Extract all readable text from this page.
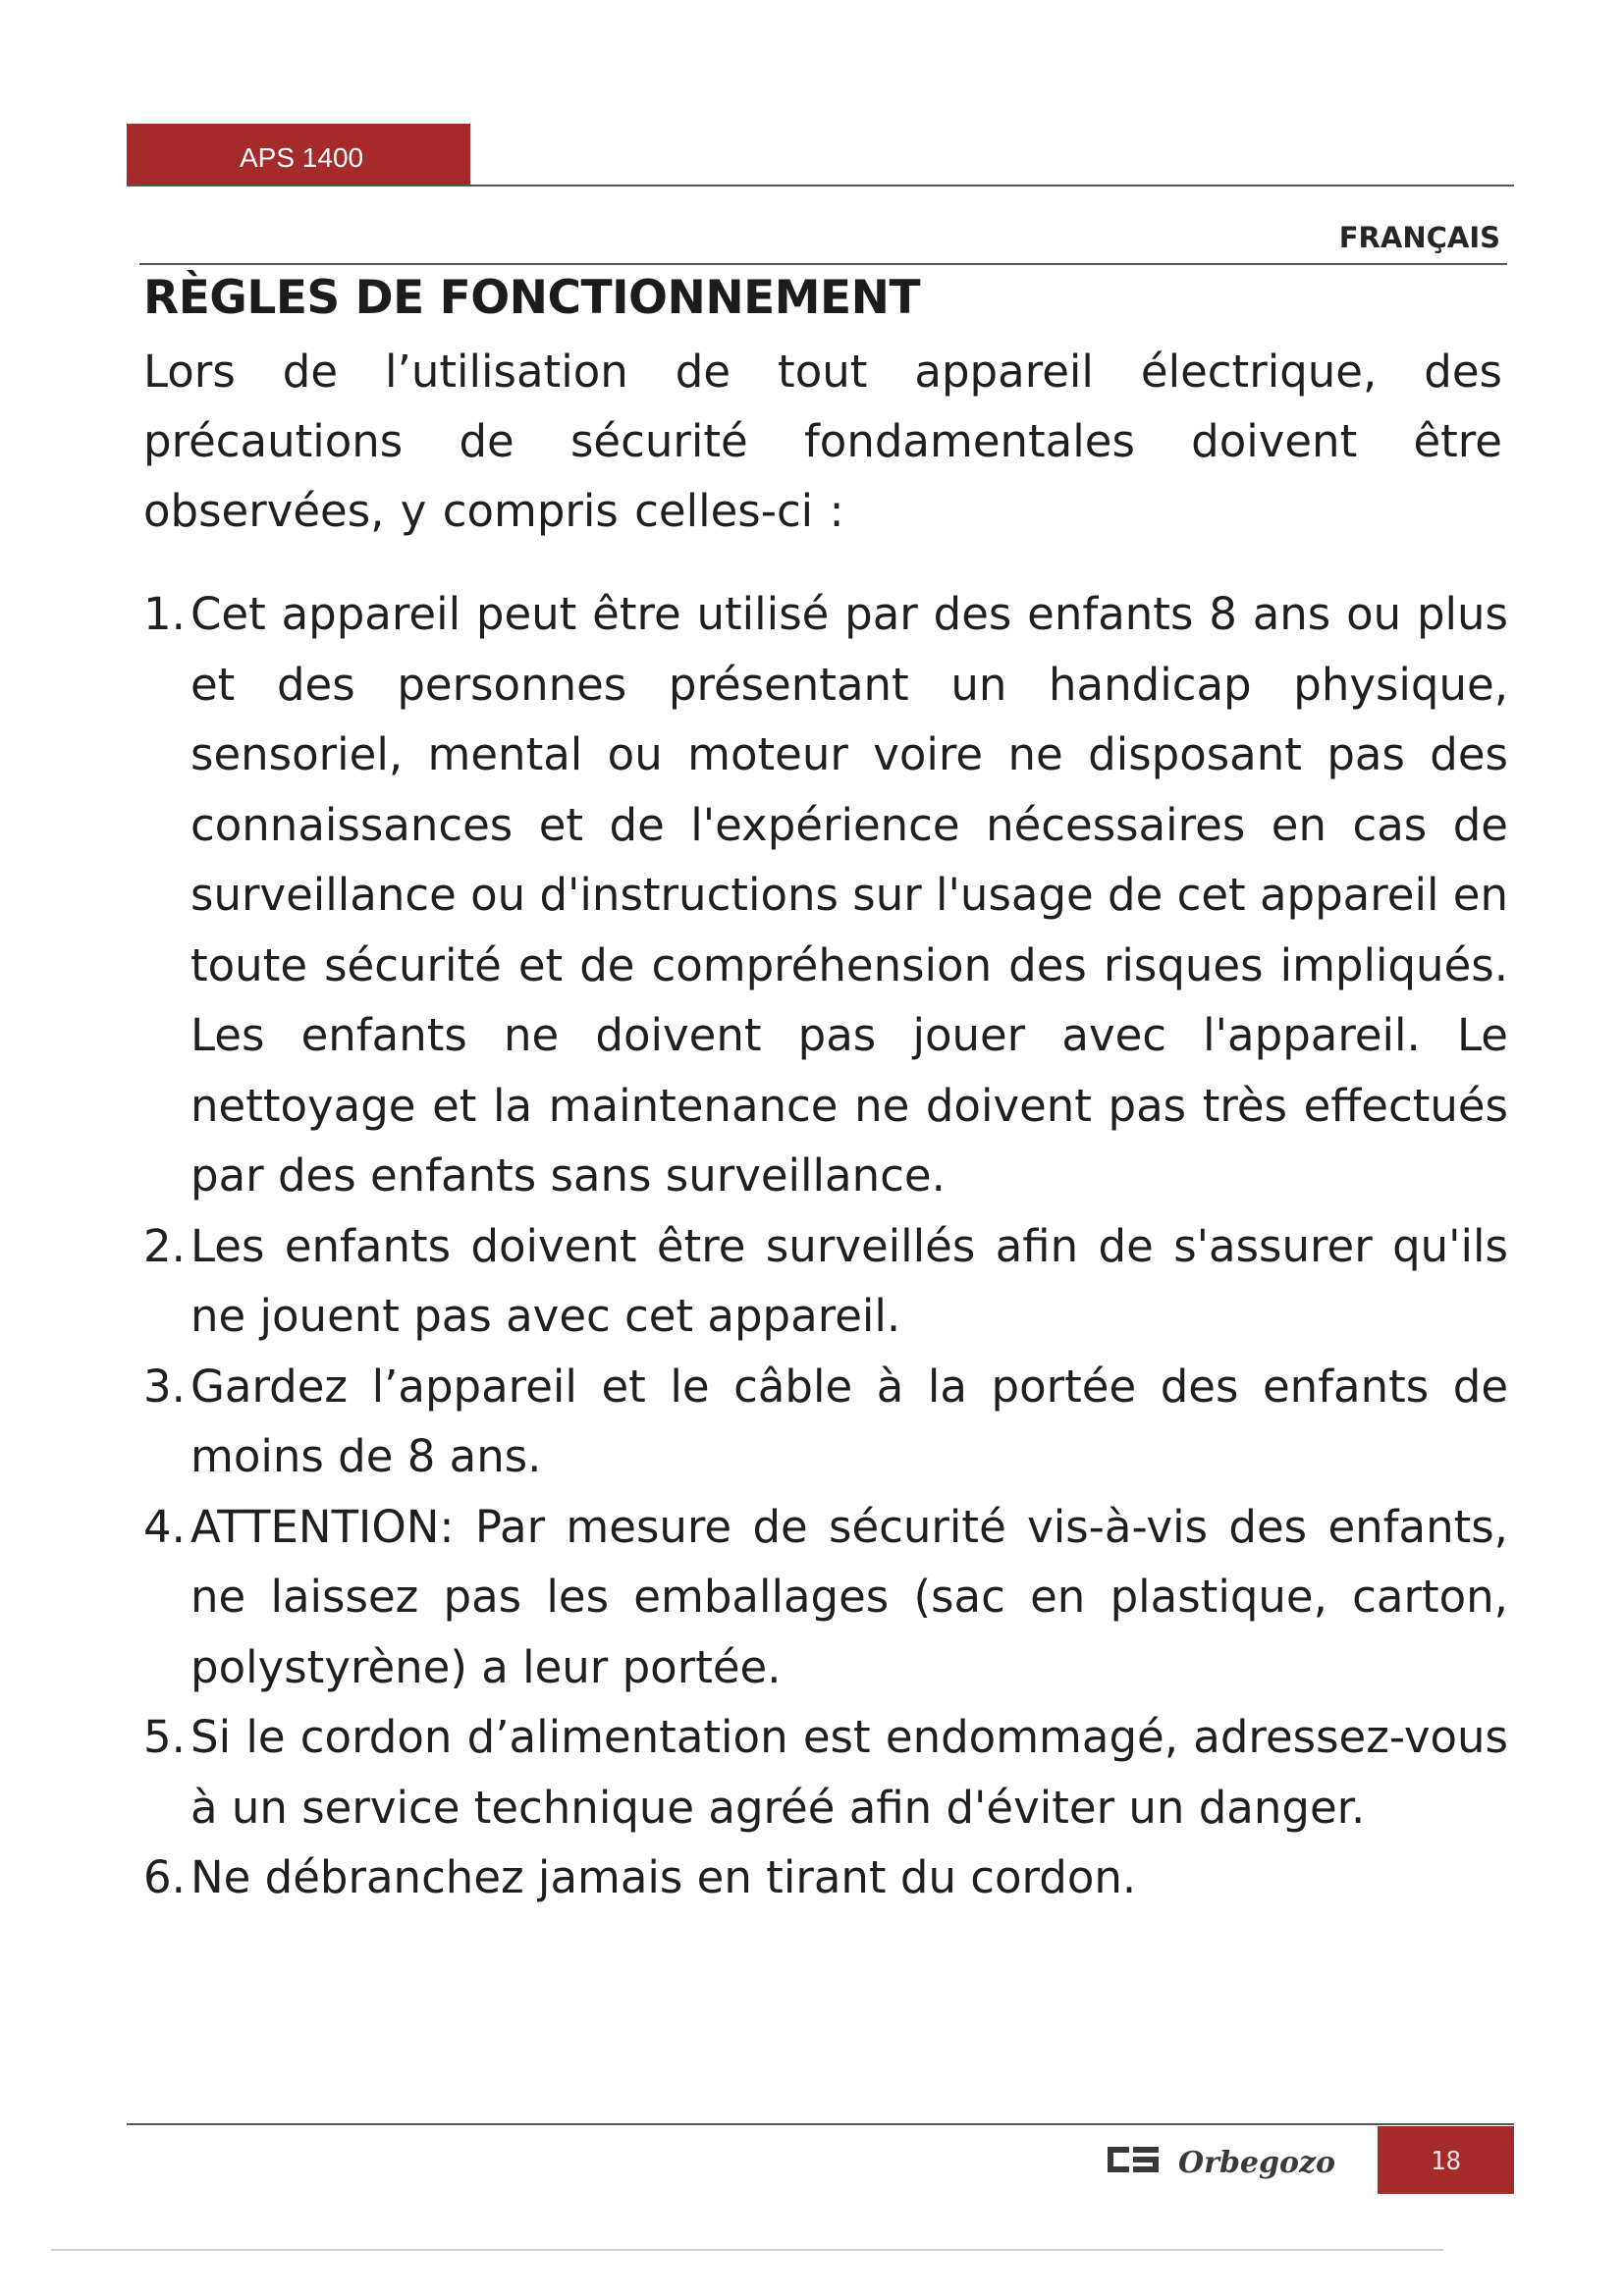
APS 1400
FRANÇAIS
RÈGLES DE FONCTIONNEMENT

Lors de l’utilisation de tout appareil électrique, des précautions de sécurité fondamentales doivent être observées, y compris celles-ci :

1. Cet appareil peut être utilisé par des enfants 8 ans ou plus et des personnes présentant un handicap physique, sensoriel, mental ou moteur voire ne disposant pas des connaissances et de l'expérience nécessaires en cas de surveillance ou d'instructions sur l'usage de cet appareil en toute sécurité et de compréhension des risques impliqués. Les enfants ne doivent pas jouer avec l'appareil. Le nettoyage et la maintenance ne doivent pas très effectués par des enfants sans surveillance.
2. Les enfants doivent être surveillés afin de s'assurer qu'ils ne jouent pas avec cet appareil.
3. Gardez l’appareil et le câble à la portée des enfants de moins de 8 ans.
4. ATTENTION: Par mesure de sécurité vis-à-vis des enfants, ne laissez pas les emballages (sac en plastique, carton, polystyrène) a leur portée.
5. Si le cordon d’alimentation est endommagé, adressez-vous à un service technique agréé afin d'éviter un danger.
6. Ne débranchez jamais en tirant du cordon.
Orbegozo	18
